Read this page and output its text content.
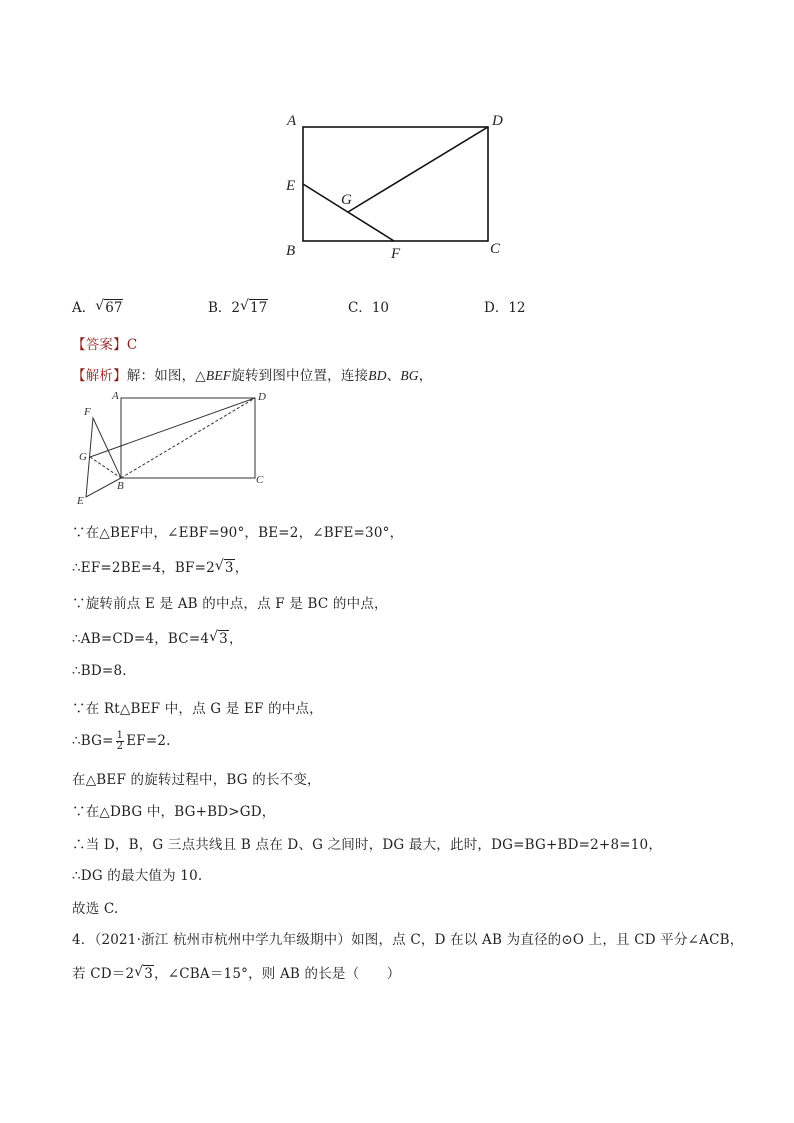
A	D
E
G
B	F	C
A． √ 67	B．2 √ 17	C．10	D．12
【答案】C
【解析】解：如图，△BEF旋转到图中位置，连接BD、BG，
A	D
F
G
C
B
E
∵在△BEF中，∠EBF=90°，BE=2，∠BFE=30°，
∴EF=2BE=4，BF=2 √ 3，
∵旋转前点 E 是 AB 的中点，点 F 是 BC 的中点，
∴AB=CD=4，BC=4 √ 3，
∴BD=8.
∵在 Rt△BEF 中，点 G 是 EF 的中点，
∴BG= $\frac{1}{2} EF=2$.
在△BEF 的旋转过程中，BG 的长不变，
∵在△DBG 中，BG+BD>GD，
∴当 D，B，G 三点共线且 B 点在 D、G 之间时，DG 最大，此时，DG=BG+BD=2+8=10，
∴DG 的最大值为 10.
故选 C.
4．（2021·浙江 杭州市杭州中学九年级期中）如图，点 C，D 在以 AB 为直径的⊙O 上，且 CD 平分∠ACB，
若 CD＝2 √ 3，∠CBA＝15°，则 AB 的长是（　　）
